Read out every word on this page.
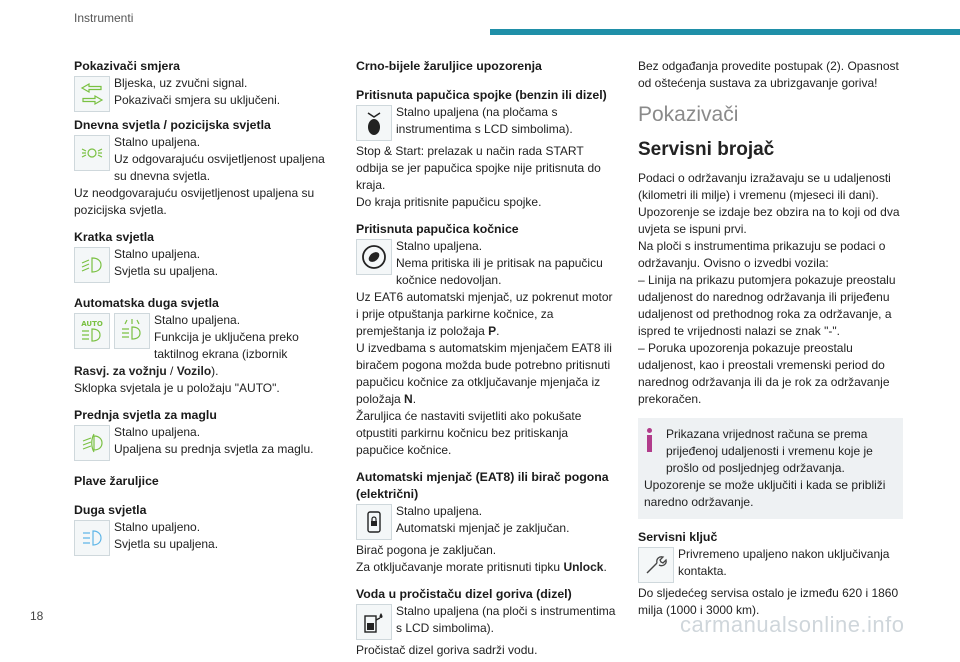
Instrumenti

Pokazivači smjera

Bljeska, uz zvučni signal.

Pokazivači smjera su uključeni.

Dnevna svjetla / pozicijska svjetla

Stalno upaljena.

Uz odgovarajuću osvijetljenost upaljena su dnevna svjetla.

Uz neodgovarajuću osvijetljenost upaljena su pozicijska svjetla.

Kratka svjetla

Stalno upaljena.

Svjetla su upaljena.

Automatska duga svjetla

AUTO	Stalno upaljena.

Funkcija je uključena preko taktilnog ekrana (izbornik Rasvj. za vožnju / Vozilo).

Sklopka svjetala je u položaju "AUTO".

Prednja svjetla za maglu

Stalno upaljena.

Upaljena su prednja svjetla za maglu.

Plave žaruljice

Duga svjetla

Stalno upaljeno.

Svjetla su upaljena.

Crno-bijele žaruljice upozorenja

Pritisnuta papučica spojke (benzin ili dizel)

Stalno upaljena (na pločama s instrumentima s LCD simbolima).

Stop & Start: prelazak u način rada START odbija se jer papučica spojke nije pritisnuta do kraja.

Do kraja pritisnite papučicu spojke.

Pritisnuta papučica kočnice

Stalno upaljena.

Nema pritiska ili je pritisak na papučicu kočnice nedovoljan.

Uz EAT6 automatski mjenjač, uz pokrenut motor i prije otpuštanja parkirne kočnice, za premještanja iz položaja P.

U izvedbama s automatskim mjenjačem EAT8 ili biračem pogona možda bude potrebno pritisnuti papučicu kočnice za otključavanje mjenjača iz položaja N.

Žaruljica će nastaviti svijetliti ako pokušate otpustiti parkirnu kočnicu bez pritiskanja papučice kočnice.

Automatski mjenjač (EAT8) ili birač pogona (električni)

Stalno upaljena.

Automatski mjenjač je zaključan.

Birač pogona je zaključan.

Za otključavanje morate pritisnuti tipku Unlock.

Voda u pročistaču dizel goriva (dizel)

Stalno upaljena (na ploči s instrumentima s LCD simbolima).

Pročistač dizel goriva sadrži vodu.

Bez odgađanja provedite postupak (2). Opasnost od oštećenja sustava za ubrizgavanje goriva!

Pokazivači
Servisni brojač

Podaci o održavanju izražavaju se u udaljenosti (kilometri ili milje) i vremenu (mjeseci ili dani).

Upozorenje se izdaje bez obzira na to koji od dva uvjeta se ispuni prvi.

Na ploči s instrumentima prikazuju se podaci o održavanju. Ovisno o izvedbi vozila:

– Linija na prikazu putomjera pokazuje preostalu udaljenost do narednog održavanja ili prijeđenu udaljenost od prethodnog roka za održavanje, a ispred te vrijednosti nalazi se znak "-".

– Poruka upozorenja pokazuje preostalu udaljenost, kao i preostali vremenski period do narednog održavanja ili da je rok za održavanje prekoračen.

Prikazana vrijednost računa se prema prijeđenoj udaljenosti i vremenu koje je prošlo od posljednjeg održavanja.

Upozorenje se može uključiti i kada se približi naredno održavanje.

Servisni ključ

Privremeno upaljeno nakon uključivanja kontakta.

Do sljedećeg servisa ostalo je između 620 i 1860 milja (1000 i 3000 km).

18	carmanualsonline.info
